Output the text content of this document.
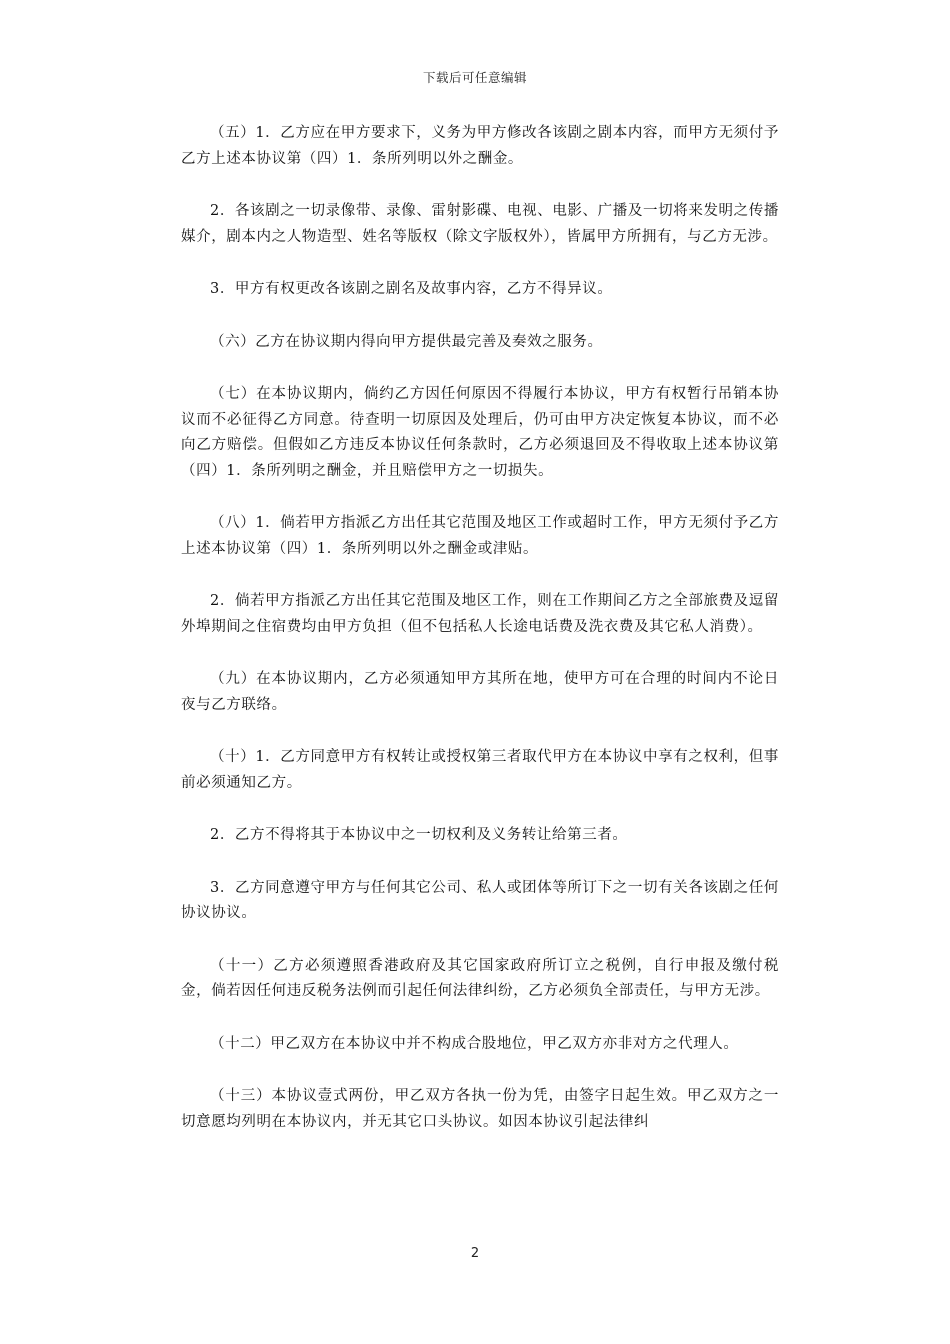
下载后可任意编辑

（五）1．乙方应在甲方要求下，义务为甲方修改各该剧之剧本内容，而甲方无须付予乙方上述本协议第（四）1．条所列明以外之酬金。

2．各该剧之一切录像带、录像、雷射影碟、电视、电影、广播及一切将来发明之传播媒介，剧本内之人物造型、姓名等版权（除文字版权外），皆属甲方所拥有，与乙方无涉。

3．甲方有权更改各该剧之剧名及故事内容，乙方不得异议。

（六）乙方在协议期内得向甲方提供最完善及奏效之服务。

（七）在本协议期内，倘约乙方因任何原因不得履行本协议，甲方有权暂行吊销本协议而不必征得乙方同意。待查明一切原因及处理后，仍可由甲方决定恢复本协议，而不必向乙方赔偿。但假如乙方违反本协议任何条款时，乙方必须退回及不得收取上述本协议第（四）1．条所列明之酬金，并且赔偿甲方之一切损失。

（八）1．倘若甲方指派乙方出任其它范围及地区工作或超时工作，甲方无须付予乙方上述本协议第（四）1．条所列明以外之酬金或津贴。

2．倘若甲方指派乙方出任其它范围及地区工作，则在工作期间乙方之全部旅费及逗留外埠期间之住宿费均由甲方负担（但不包括私人长途电话费及洗衣费及其它私人消费）。

（九）在本协议期内，乙方必须通知甲方其所在地，使甲方可在合理的时间内不论日夜与乙方联络。

（十）1．乙方同意甲方有权转让或授权第三者取代甲方在本协议中享有之权利，但事前必须通知乙方。

2．乙方不得将其于本协议中之一切权利及义务转让给第三者。

3．乙方同意遵守甲方与任何其它公司、私人或团体等所订下之一切有关各该剧之任何协议协议。

（十一）乙方必须遵照香港政府及其它国家政府所订立之税例，自行申报及缴付税金，倘若因任何违反税务法例而引起任何法律纠纷，乙方必须负全部责任，与甲方无涉。

（十二）甲乙双方在本协议中并不构成合股地位，甲乙双方亦非对方之代理人。

（十三）本协议壹式两份，甲乙双方各执一份为凭，由签字日起生效。甲乙双方之一切意愿均列明在本协议内，并无其它口头协议。如因本协议引起法律纠

2
